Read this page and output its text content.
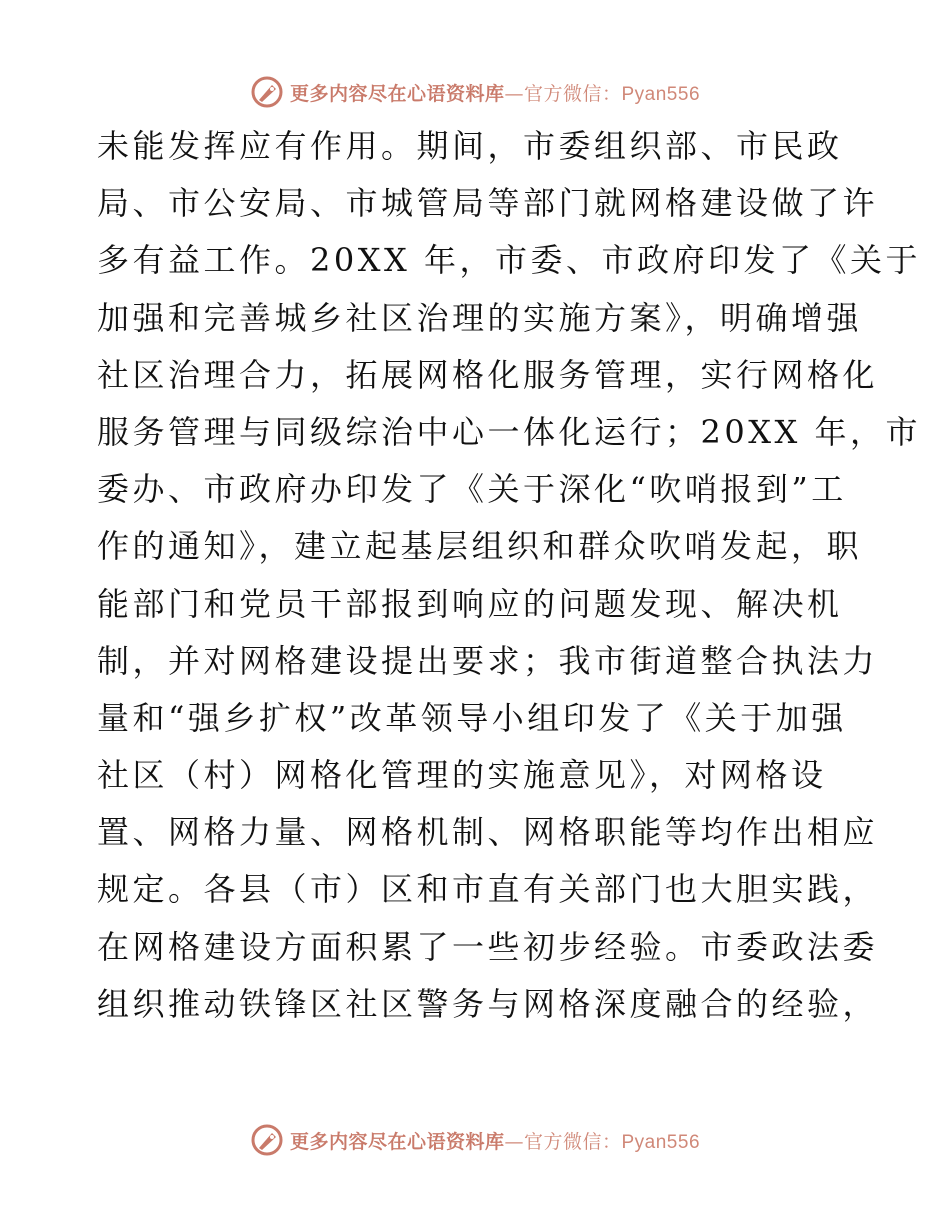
更多内容尽在心语资料库—官方微信：Pyan556
未能发挥应有作用。期间，市委组织部、市民政
局、市公安局、市城管局等部门就网格建设做了许
多有益工作。20XX 年，市委、市政府印发了《关于
加强和完善城乡社区治理的实施方案》，明确增强
社区治理合力，拓展网格化服务管理，实行网格化
服务管理与同级综治中心一体化运行；20XX 年，市
委办、市政府办印发了《关于深化“吹哨报到”工
作的通知》，建立起基层组织和群众吹哨发起，职
能部门和党员干部报到响应的问题发现、解决机
制，并对网格建设提出要求；我市街道整合执法力
量和“强乡扩权”改革领导小组印发了《关于加强
社区（村）网格化管理的实施意见》，对网格设
置、网格力量、网格机制、网格职能等均作出相应
规定。各县（市）区和市直有关部门也大胆实践，
在网格建设方面积累了一些初步经验。市委政法委
组织推动铁锋区社区警务与网格深度融合的经验，
更多内容尽在心语资料库—官方微信：Pyan556
